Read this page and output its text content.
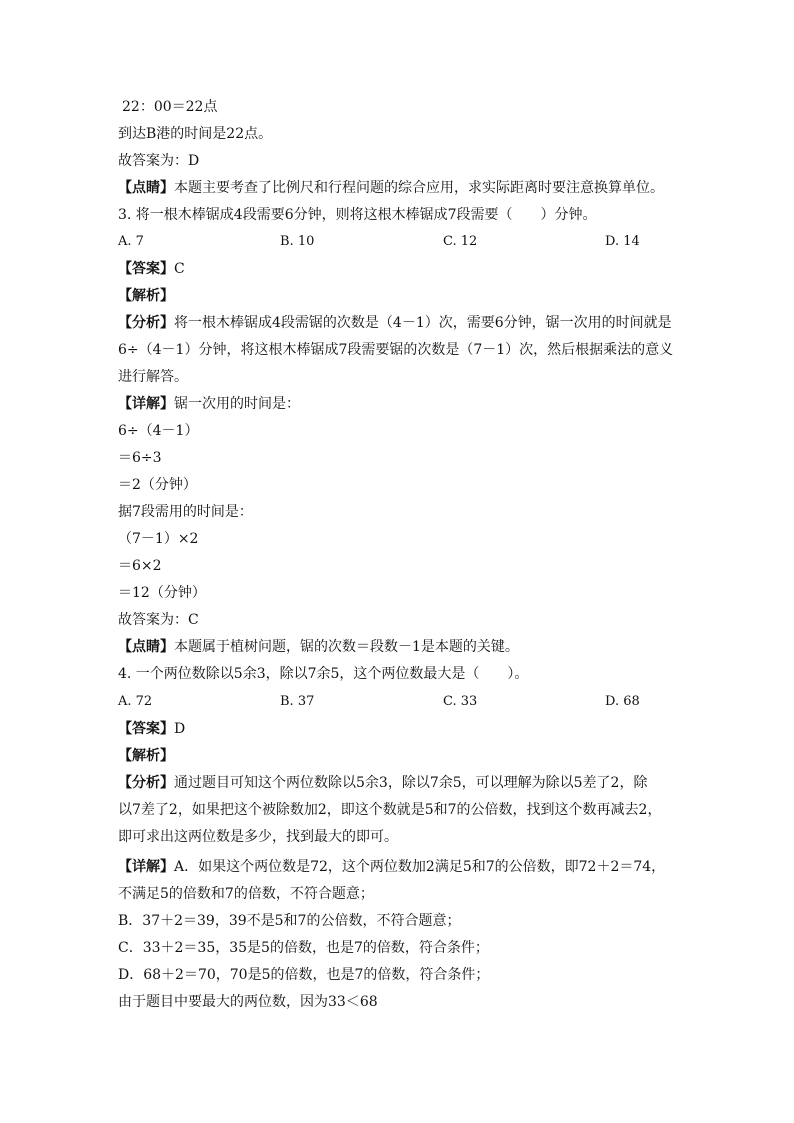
22：00＝22点
到达B港的时间是22点。
故答案为：D
【点睛】本题主要考查了比例尺和行程问题的综合应用，求实际距离时要注意换算单位。
3. 将一根木棒锯成4段需要6分钟，则将这根木棒锯成7段需要（　　）分钟。
A. 7	B. 10	C. 12	D. 14
【答案】C
【解析】
【分析】将一根木棒锯成4段需锯的次数是（4－1）次，需要6分钟，锯一次用的时间就是
6÷（4－1）分钟，将这根木棒锯成7段需要锯的次数是（7－1）次，然后根据乘法的意义
进行解答。
【详解】锯一次用的时间是：
6÷（4－1）
＝6÷3
＝2（分钟）
据7段需用的时间是：
（7－1）×2
＝6×2
＝12（分钟）
故答案为：C
【点睛】本题属于植树问题，锯的次数＝段数－1是本题的关键。
4. 一个两位数除以5余3，除以7余5，这个两位数最大是（　　）。
A. 72	B. 37	C. 33	D. 68
【答案】D
【解析】
【分析】通过题目可知这个两位数除以5余3，除以7余5，可以理解为除以5差了2，除
以7差了2，如果把这个被除数加2，即这个数就是5和7的公倍数，找到这个数再减去2，
即可求出这两位数是多少，找到最大的即可。
【详解】A．如果这个两位数是72，这个两位数加2满足5和7的公倍数，即72＋2＝74，
不满足5的倍数和7的倍数，不符合题意；
B．37＋2＝39，39不是5和7的公倍数，不符合题意；
C．33＋2＝35，35是5的倍数，也是7的倍数，符合条件；
D．68＋2＝70，70是5的倍数，也是7的倍数，符合条件；
由于题目中要最大的两位数，因为33＜68
